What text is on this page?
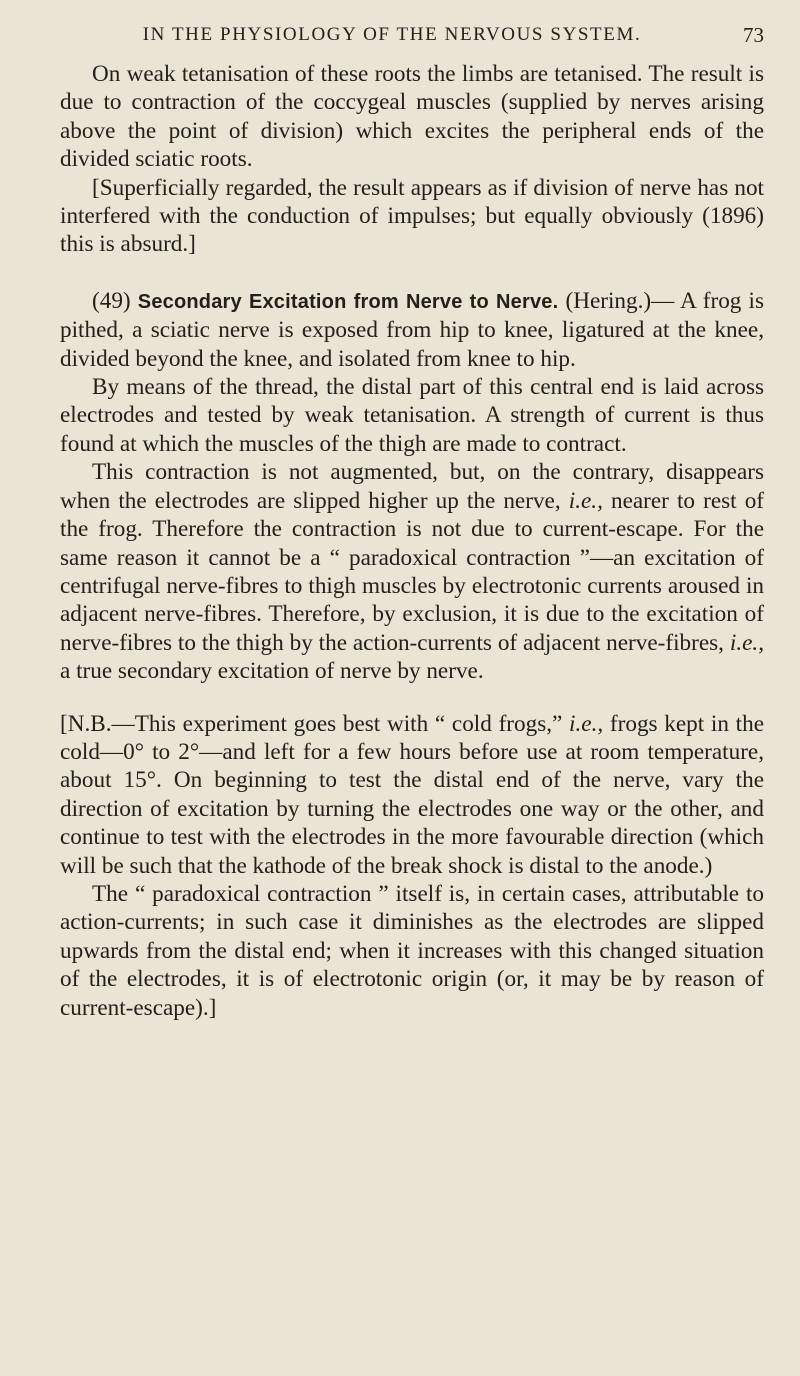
IN THE PHYSIOLOGY OF THE NERVOUS SYSTEM.	73

On weak tetanisation of these roots the limbs are tetanised. The result is due to contraction of the coccygeal muscles (supplied by nerves arising above the point of division) which excites the peripheral ends of the divided sciatic roots.

[Superficially regarded, the result appears as if division of nerve has not interfered with the conduction of impulses; but equally obviously (1896) this is absurd.]

(49) Secondary Excitation from Nerve to Nerve. (Hering.)— A frog is pithed, a sciatic nerve is exposed from hip to knee, ligatured at the knee, divided beyond the knee, and isolated from knee to hip.

By means of the thread, the distal part of this central end is laid across electrodes and tested by weak tetanisation. A strength of current is thus found at which the muscles of the thigh are made to contract.

This contraction is not augmented, but, on the contrary, disappears when the electrodes are slipped higher up the nerve, i.e., nearer to rest of the frog. Therefore the contraction is not due to current-escape. For the same reason it cannot be a “ paradoxical contraction ”—an excitation of centrifugal nerve-fibres to thigh muscles by electrotonic currents aroused in adjacent nerve-fibres. Therefore, by exclusion, it is due to the excitation of nerve-fibres to the thigh by the action-currents of adjacent nerve-fibres, i.e., a true secondary excitation of nerve by nerve.

[N.B.—This experiment goes best with “ cold frogs,” i.e., frogs kept in the cold—0° to 2°—and left for a few hours before use at room temperature, about 15°. On beginning to test the distal end of the nerve, vary the direction of excitation by turning the electrodes one way or the other, and continue to test with the electrodes in the more favourable direction (which will be such that the kathode of the break shock is distal to the anode.)

The “ paradoxical contraction ” itself is, in certain cases, attributable to action-currents; in such case it diminishes as the electrodes are slipped upwards from the distal end; when it increases with this changed situation of the electrodes, it is of electrotonic origin (or, it may be by reason of current-escape).]
